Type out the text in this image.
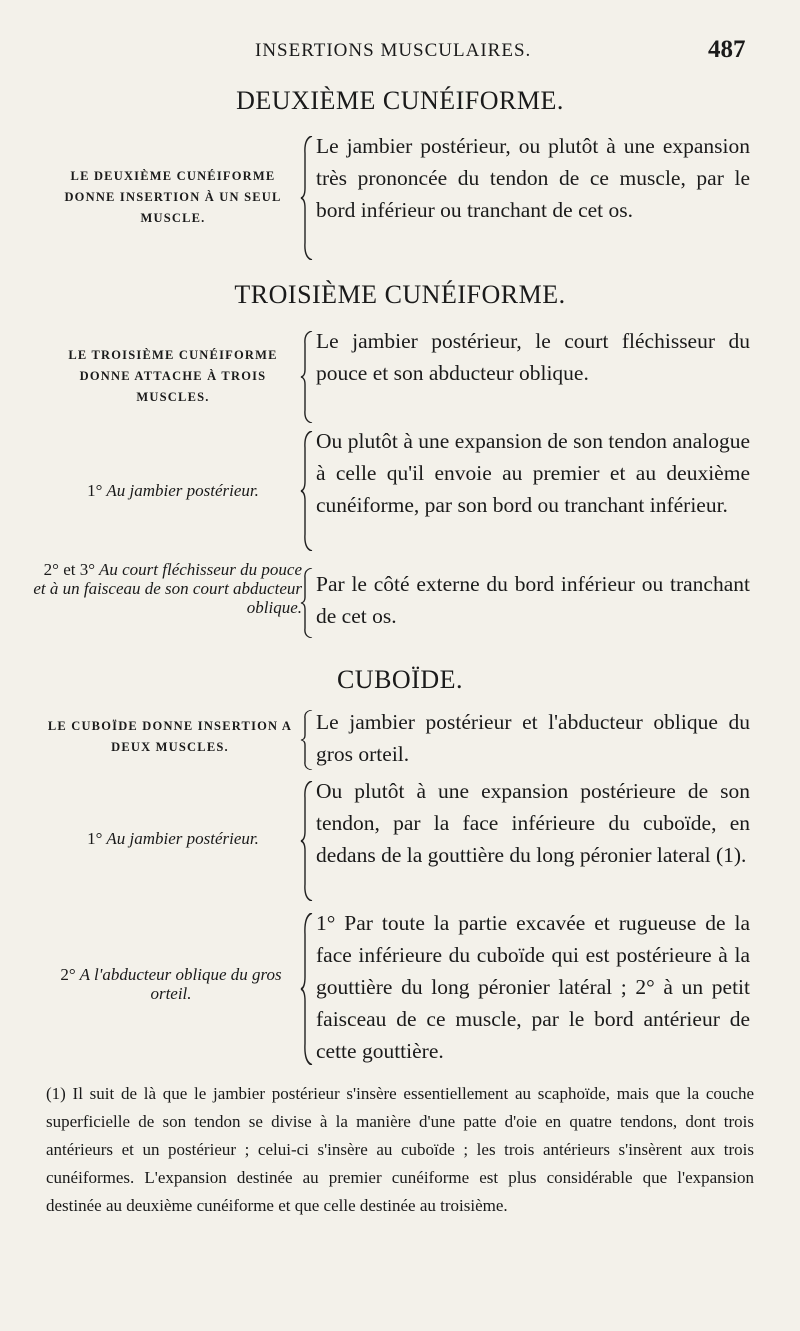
INSERTIONS MUSCULAIRES.	487
DEUXIÈME CUNÉIFORME.
LE DEUXIÈME CUNÉIFORME DONNE INSERTION À UN SEUL MUSCLE.
Le jambier postérieur, ou plutôt à une expansion très prononcée du tendon de ce muscle, par le bord inférieur ou tranchant de cet os.
TROISIÈME CUNÉIFORME.
LE TROISIÈME CUNÉIFORME DONNE ATTACHE À TROIS MUSCLES.
Le jambier postérieur, le court fléchisseur du pouce et son abducteur oblique.
1° Au jambier postérieur.
Ou plutôt à une expansion de son tendon analogue à celle qu'il envoie au premier et au deuxième cunéiforme, par son bord ou tranchant inférieur.
2° et 3° Au court fléchisseur du pouce et à un faisceau de son court abducteur oblique.
Par le côté externe du bord inférieur ou tranchant de cet os.
CUBOÏDE.
LE CUBOÏDE DONNE INSERTION A DEUX MUSCLES.
Le jambier postérieur et l'abducteur oblique du gros orteil.
1° Au jambier postérieur.
Ou plutôt à une expansion postérieure de son tendon, par la face inférieure du cuboïde, en dedans de la gouttière du long péronier lateral (1).
2° A l'abducteur oblique du gros orteil.
1° Par toute la partie excavée et rugueuse de la face inférieure du cuboïde qui est postérieure à la gouttière du long péronier latéral ; 2° à un petit faisceau de ce muscle, par le bord antérieur de cette gouttière.
(1) Il suit de là que le jambier postérieur s'insère essentiellement au scaphoïde, mais que la couche superficielle de son tendon se divise à la manière d'une patte d'oie en quatre tendons, dont trois antérieurs et un postérieur ; celui-ci s'insère au cuboïde ; les trois antérieurs s'insèrent aux trois cunéiformes. L'expansion destinée au premier cunéiforme est plus considérable que l'expansion destinée au deuxième cunéiforme et que celle destinée au troisième.
